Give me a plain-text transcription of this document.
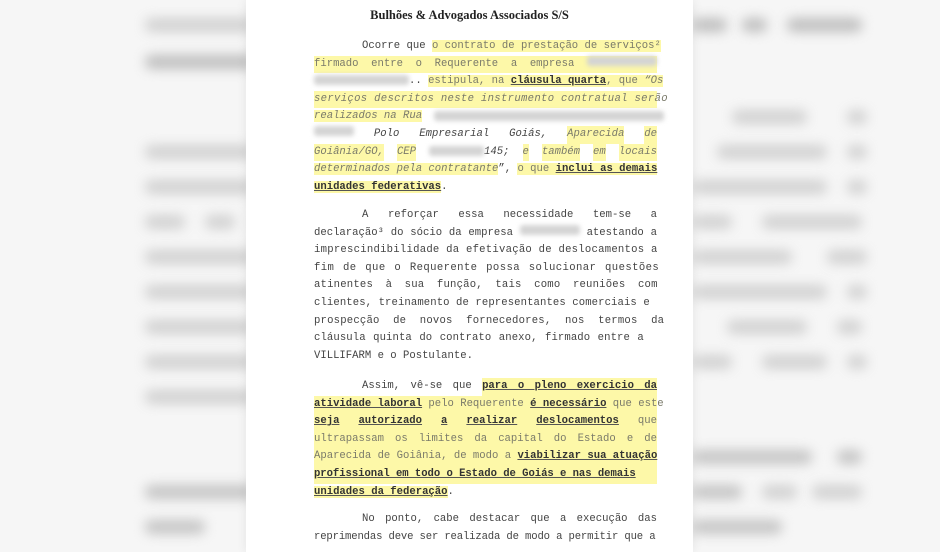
Bulhões & Advogados Associados S/S
Ocorre que o contrato de prestação de serviços²
firmado entre o Requerente a empresa
.. estipula, na cláusula quarta, que “Os
serviços descritos neste instrumento contratual serão
realizados na Rua
Polo Empresarial Goiás, Aparecida de
Goiânia/GO, CEP	145; e também em locais
determinados pela contratante”, o que inclui as demais
unidades federativas.
A reforçar essa necessidade tem-se a
declaração³ do sócio da empresa	atestando a
imprescindibilidade da efetivação de deslocamentos a
fim de que o Requerente possa solucionar questões
atinentes à sua função, tais como reuniões com
clientes, treinamento de representantes comerciais e
prospecção de novos fornecedores, nos termos da
cláusula quinta do contrato anexo, firmado entre a
VILLIFARM e o Postulante.
Assim, vê-se que para o pleno exercicio da
atividade laboral pelo Requerente é necessário que este
seja autorizado a realizar deslocamentos que
ultrapassam os limites da capital do Estado e de
Aparecida de Goiânia, de modo a viabilizar sua atuação
profissional em todo o Estado de Goiás e nas demais
unidades da federação.
No ponto, cabe destacar que a execução das
reprimendas deve ser realizada de modo a permitir que a
